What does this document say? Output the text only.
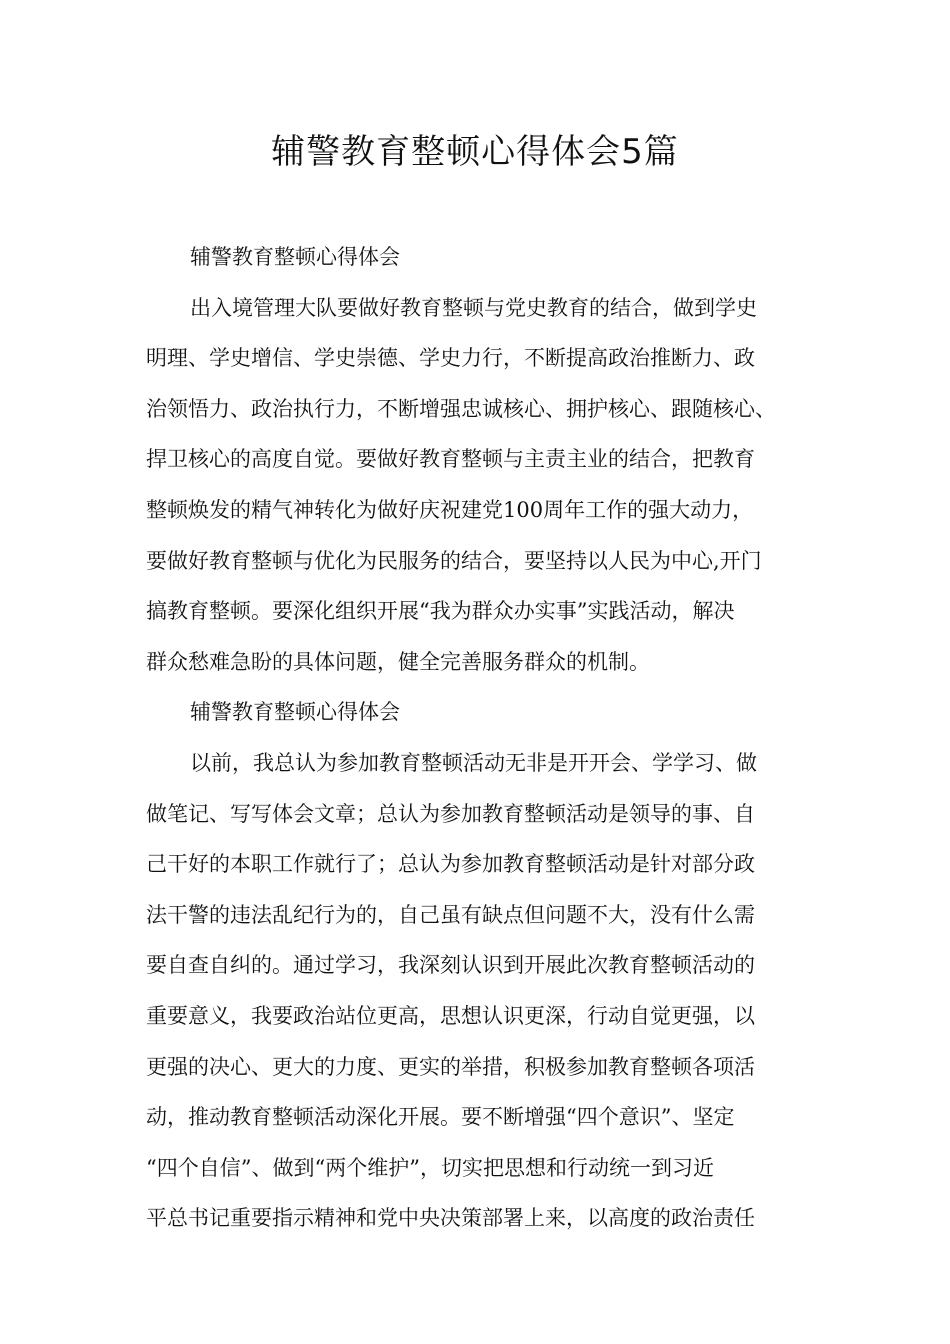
辅警教育整顿心得体会5篇
辅警教育整顿心得体会
出入境管理大队要做好教育整顿与党史教育的结合，做到学史
明理、学史增信、学史崇德、学史力行，不断提高政治推断力、政
治领悟力、政治执行力，不断增强忠诚核心、拥护核心、跟随核心、
捍卫核心的高度自觉。要做好教育整顿与主责主业的结合，把教育
整顿焕发的精气神转化为做好庆祝建党100周年工作的强大动力，
要做好教育整顿与优化为民服务的结合，要坚持以人民为中心,开门
搞教育整顿。要深化组织开展“我为群众办实事”实践活动，解决
群众愁难急盼的具体问题，健全完善服务群众的机制。
辅警教育整顿心得体会
以前，我总认为参加教育整顿活动无非是开开会、学学习、做
做笔记、写写体会文章；总认为参加教育整顿活动是领导的事、自
己干好的本职工作就行了；总认为参加教育整顿活动是针对部分政
法干警的违法乱纪行为的，自己虽有缺点但问题不大，没有什么需
要自查自纠的。通过学习，我深刻认识到开展此次教育整顿活动的
重要意义，我要政治站位更高，思想认识更深，行动自觉更强，以
更强的决心、更大的力度、更实的举措，积极参加教育整顿各项活
动，推动教育整顿活动深化开展。要不断增强“四个意识”、坚定
“四个自信”、做到“两个维护”，切实把思想和行动统一到习近
平总书记重要指示精神和党中央决策部署上来，以高度的政治责任
